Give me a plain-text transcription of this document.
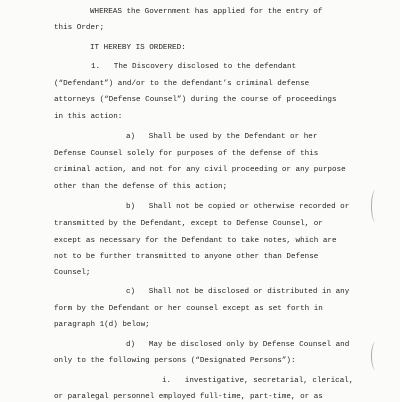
WHEREAS the Government has applied for the entry of
this Order;
IT HEREBY IS ORDERED:
1.   The Discovery disclosed to the defendant
(“Defendant”) and/or to the defendant’s criminal defense
attorneys (“Defense Counsel”) during the course of proceedings
in this action:
a)   Shall be used by the Defendant or her
Defense Counsel solely for purposes of the defense of this
criminal action, and not for any civil proceeding or any purpose
other than the defense of this action;
b)   Shall not be copied or otherwise recorded or
transmitted by the Defendant, except to Defense Counsel, or
except as necessary for the Defendant to take notes, which are
not to be further transmitted to anyone other than Defense
Counsel;
c)   Shall not be disclosed or distributed in any
form by the Defendant or her counsel except as set forth in
paragraph 1(d) below;
d)   May be disclosed only by Defense Counsel and
only to the following persons (“Designated Persons”):
i.   investigative, secretarial, clerical,
or paralegal personnel employed full-time, part-time, or as
